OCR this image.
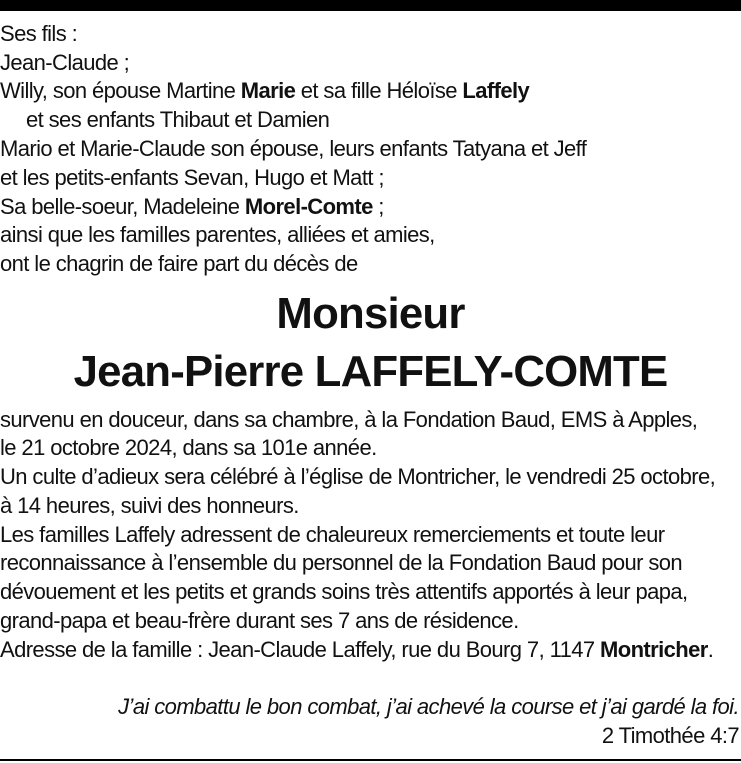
Ses fils :

Jean-Claude ;

Willy, son épouse Martine Marie et sa fille Héloïse Laffely

et ses enfants Thibaut et Damien

Mario et Marie-Claude son épouse, leurs enfants Tatyana et Jeff

et les petits-enfants Sevan, Hugo et Matt ;

Sa belle-soeur, Madeleine Morel-Comte ;

ainsi que les familles parentes, alliées et amies,

ont le chagrin de faire part du décès de

Monsieur
Jean-Pierre LAFFELY-COMTE

survenu en douceur, dans sa chambre, à la Fondation Baud, EMS à Apples,

le 21 octobre 2024, dans sa 101e année.

Un culte d’adieux sera célébré à l’église de Montricher, le vendredi 25 octobre,

à 14 heures, suivi des honneurs.

Les familles Laffely adressent de chaleureux remerciements et toute leur

reconnaissance à l’ensemble du personnel de la Fondation Baud pour son

dévouement et les petits et grands soins très attentifs apportés à leur papa,

grand-papa et beau-frère durant ses 7 ans de résidence.

Adresse de la famille : Jean-Claude Laffely, rue du Bourg 7, 1147 Montricher.

J’ai combattu le bon combat, j’ai achevé la course et j’ai gardé la foi.

2 Timothée 4:7
